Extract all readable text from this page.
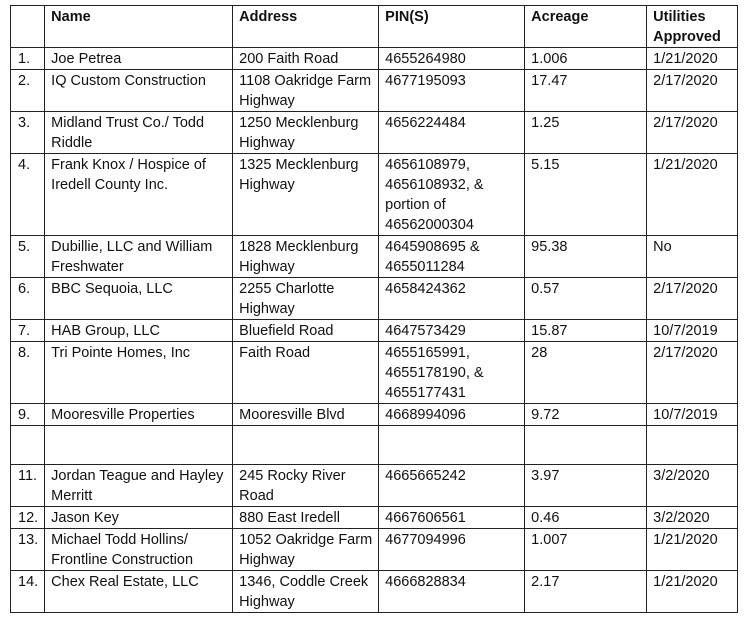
	Name	Address	PIN(S)	Acreage	Utilities Approved
1.	Joe Petrea	200 Faith Road	4655264980	1.006	1/21/2020
2.	IQ Custom Construction	1108 Oakridge Farm Highway	4677195093	17.47	2/17/2020
3.	Midland Trust Co./ Todd Riddle	1250 Mecklenburg Highway	4656224484	1.25	2/17/2020
4.	Frank Knox / Hospice of Iredell County Inc.	1325 Mecklenburg Highway	4656108979, 4656108932, & portion of 46562000304	5.15	1/21/2020
5.	Dubillie, LLC and William Freshwater	1828 Mecklenburg Highway	4645908695 & 4655011284	95.38	No
6.	BBC Sequoia, LLC	2255 Charlotte Highway	4658424362	0.57	2/17/2020
7.	HAB Group, LLC	Bluefield Road	4647573429	15.87	10/7/2019
8.	Tri Pointe Homes, Inc	Faith Road	4655165991, 4655178190, & 4655177431	28	2/17/2020
9.	Mooresville Properties	Mooresville Blvd	4668994096	9.72	10/7/2019

11.	Jordan Teague and Hayley Merritt	245 Rocky River Road	4665665242	3.97	3/2/2020
12.	Jason Key	880 East Iredell	4667606561	0.46	3/2/2020
13.	Michael Todd Hollins/ Frontline Construction	1052 Oakridge Farm Highway	4677094996	1.007	1/21/2020
14.	Chex Real Estate, LLC	1346, Coddle Creek Highway	4666828834	2.17	1/21/2020
